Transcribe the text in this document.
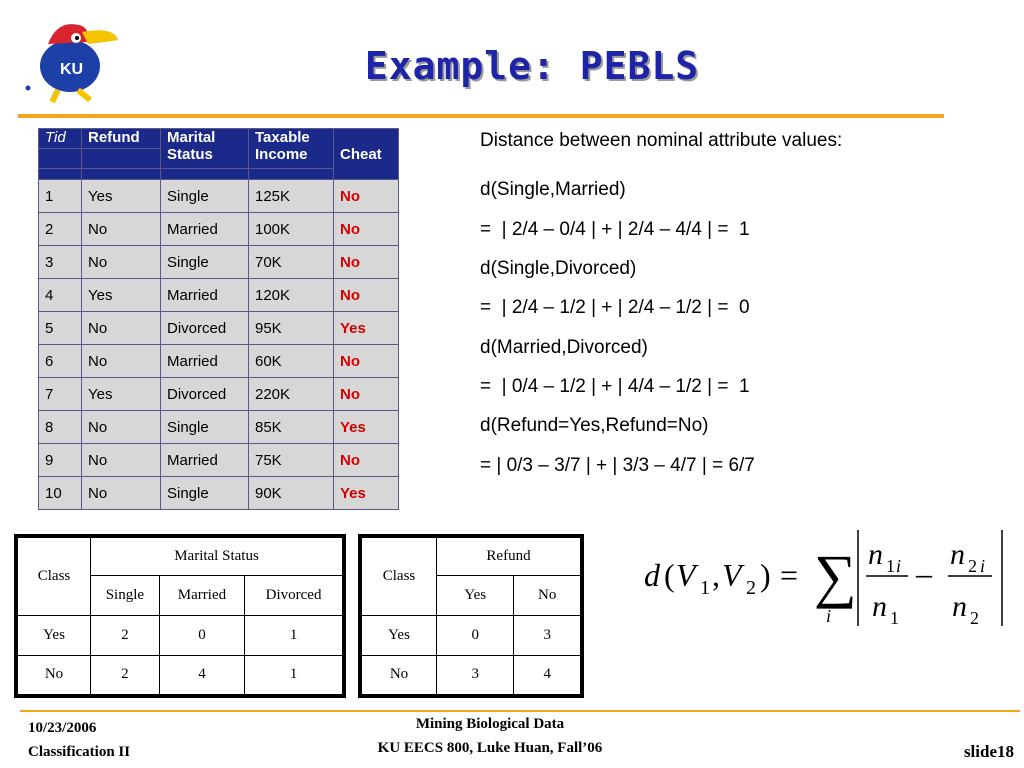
KU	Example: PEBLS
Tid	Refund	Marital Status	Taxable Income	Cheat

1	Yes	Single	125K	No
2	No	Married	100K	No
3	No	Single	70K	No
4	Yes	Married	120K	No
5	No	Divorced	95K	Yes
6	No	Married	60K	No
7	Yes	Divorced	220K	No
8	No	Single	85K	Yes
9	No	Married	75K	No
10	No	Single	90K	Yes
Distance between nominal attribute values:
d(Single,Married)
=  | 2/4 – 0/4 | + | 2/4 – 4/4 | =  1
d(Single,Divorced)
=  | 2/4 – 1/2 | + | 2/4 – 1/2 | =  0
d(Married,Divorced)
=  | 0/4 – 1/2 | + | 4/4 – 1/2 | =  1
d(Refund=Yes,Refund=No)
= | 0/3 – 3/7 | + | 3/3 – 4/7 | = 6/7
Class	Marital Status		
	Single	Married	Divorced
Yes	2	0	1
No	2	4	1
Class	Refund	
	Yes	No
Yes	0	3
No	3	4
d ( V 1 , V 2 ) = ∑
i
n 1 i
n 1
–
n 2 i
n 2
10/23/2006
Classification II
Mining Biological Data
KU EECS 800, Luke Huan, Fall’06	slide18
